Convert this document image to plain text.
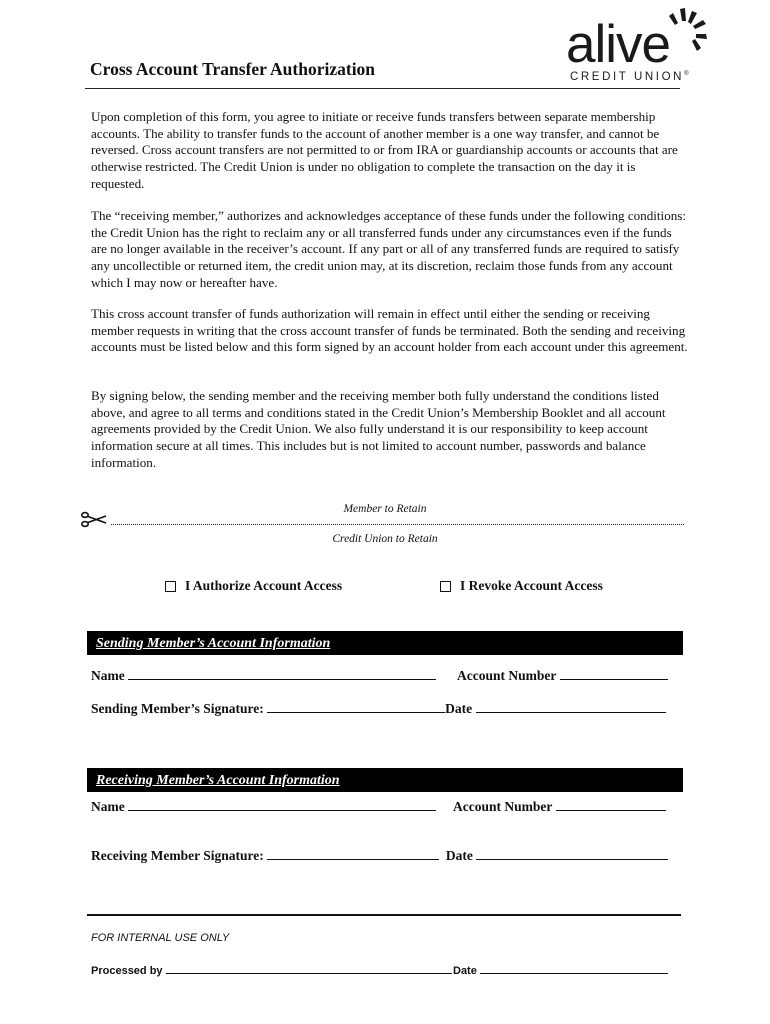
Cross Account Transfer Authorization	alive
CREDIT UNION®

Upon completion of this form, you agree to initiate or receive funds transfers between separate membership accounts. The ability to transfer funds to the account of another member is a one way transfer, and cannot be reversed. Cross account transfers are not permitted to or from IRA or guardianship accounts or accounts that are otherwise restricted. The Credit Union is under no obligation to complete the transaction on the day it is requested.

The “receiving member,” authorizes and acknowledges acceptance of these funds under the following conditions: the Credit Union has the right to reclaim any or all transferred funds under any circumstances even if the funds are no longer available in the receiver’s account. If any part or all of any transferred funds are required to satisfy any uncollectible or returned item, the credit union may, at its discretion, reclaim those funds from any account which I may now or hereafter have.

This cross account transfer of funds authorization will remain in effect until either the sending or receiving member requests in writing that the cross account transfer of funds be terminated. Both the sending and receiving accounts must be listed below and this form signed by an account holder from each account under this agreement.

By signing below, the sending member and the receiving member both fully understand the conditions listed above, and agree to all terms and conditions stated in the Credit Union’s Membership Booklet and all account agreements provided by the Credit Union. We also fully understand it is our responsibility to keep account information secure at all times. This includes but is not limited to account number, passwords and balance information.

Member to Retain
Credit Union to Retain
I Authorize Account Access	I Revoke Account Access
Sending Member’s Account Information
Name	Account Number
Sending Member’s Signature:	Date
Receiving Member’s Account Information
Name	Account Number
Receiving Member Signature:	Date
FOR INTERNAL USE ONLY
Processed by	Date
